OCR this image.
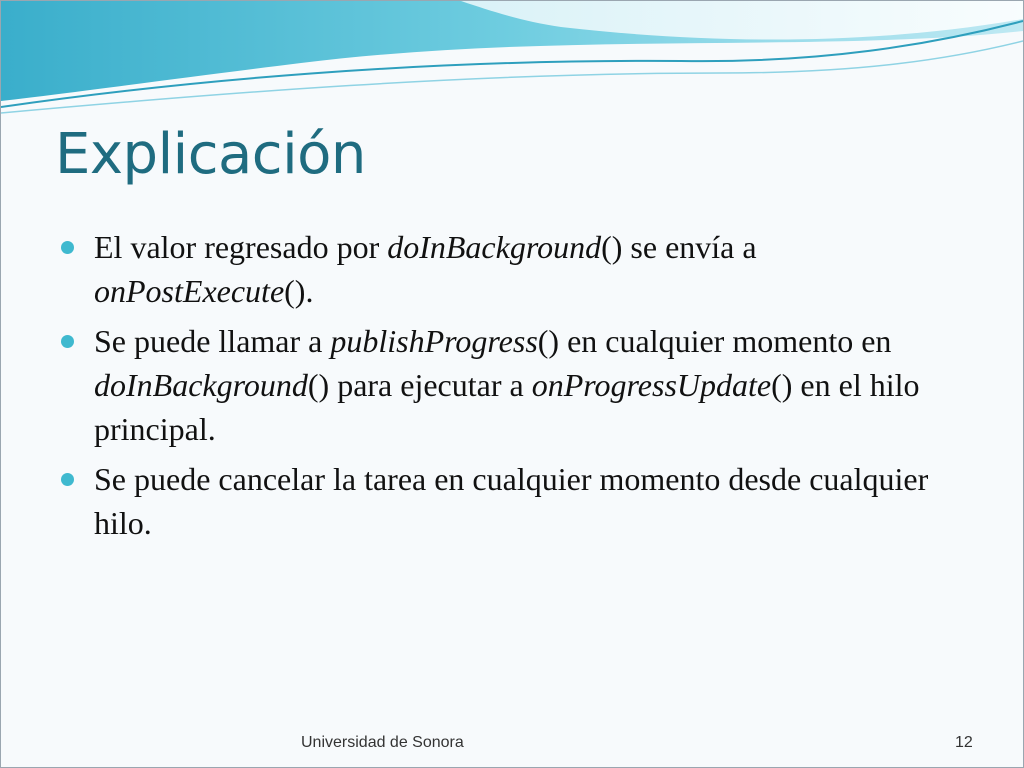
Explicación
El valor regresado por doInBackground() se envía a onPostExecute().
Se puede llamar a publishProgress() en cualquier momento en doInBackground() para ejecutar a onProgressUpdate() en el hilo principal.
Se puede cancelar la tarea en cualquier momento desde cualquier hilo.
Universidad de Sonora	12
